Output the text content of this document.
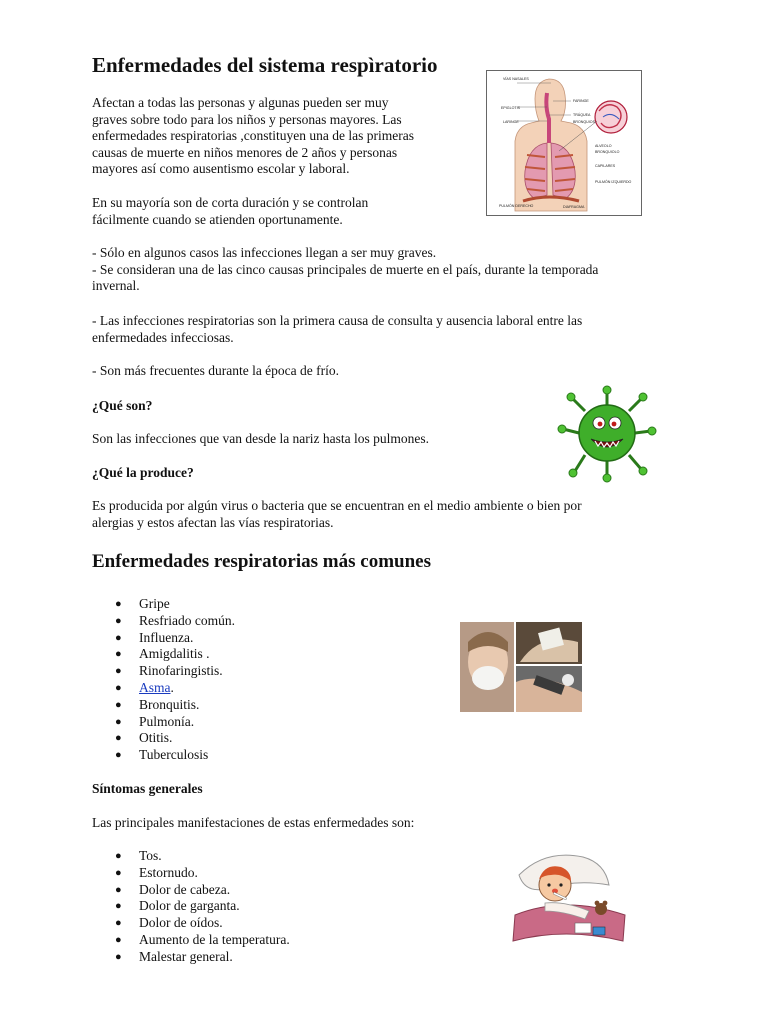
Enfermedades del sistema respìratorio

Afectan a todas las personas y algunas pueden ser muy

graves sobre todo para los niños y personas mayores. Las

enfermedades respiratorias ,constituyen una de las primeras

causas de muerte en niños menores de 2 años y personas

mayores así como ausentismo escolar y laboral.

En su mayoría son de corta duración y se controlan

fácilmente cuando se atienden oportunamente.

VÍAS NASALES
FARINGE
EPIGLOTIS
TRÁQUEA
LARINGE	BRONQUIOS
ALVEOLO
BRONQUIOLO
CAPILARES
PULMÓN IZQUIERDO
PULMÓN DERECHO	DIAFRAGMA

- Sólo en algunos casos las infecciones llegan a ser muy graves.

- Se consideran una de las cinco causas principales de muerte en el país, durante la temporada

invernal.

- Las infecciones respiratorias son la primera causa de consulta y ausencia laboral entre las

enfermedades infecciosas.

- Son más frecuentes durante la época de frío.

¿Qué son?

Son las infecciones que van desde la nariz hasta los pulmones.

¿Qué la produce?

Es producida por algún virus o bacteria que se encuentran en el medio ambiente o bien por

alergias y estos afectan las vías respiratorias.

Enfermedades respiratorias más comunes
● Gripe
● Resfriado común.
● Influenza.
● Amigdalitis .
● Rinofaringistis.
● Asma.
● Bronquitis.
● Pulmonía.
● Otitis.
● Tuberculosis

Síntomas generales

Las principales manifestaciones de estas enfermedades son:

● Tos.
● Estornudo.
● Dolor de cabeza.
● Dolor de garganta.
● Dolor de oídos.
● Aumento de la temperatura.
● Malestar general.
